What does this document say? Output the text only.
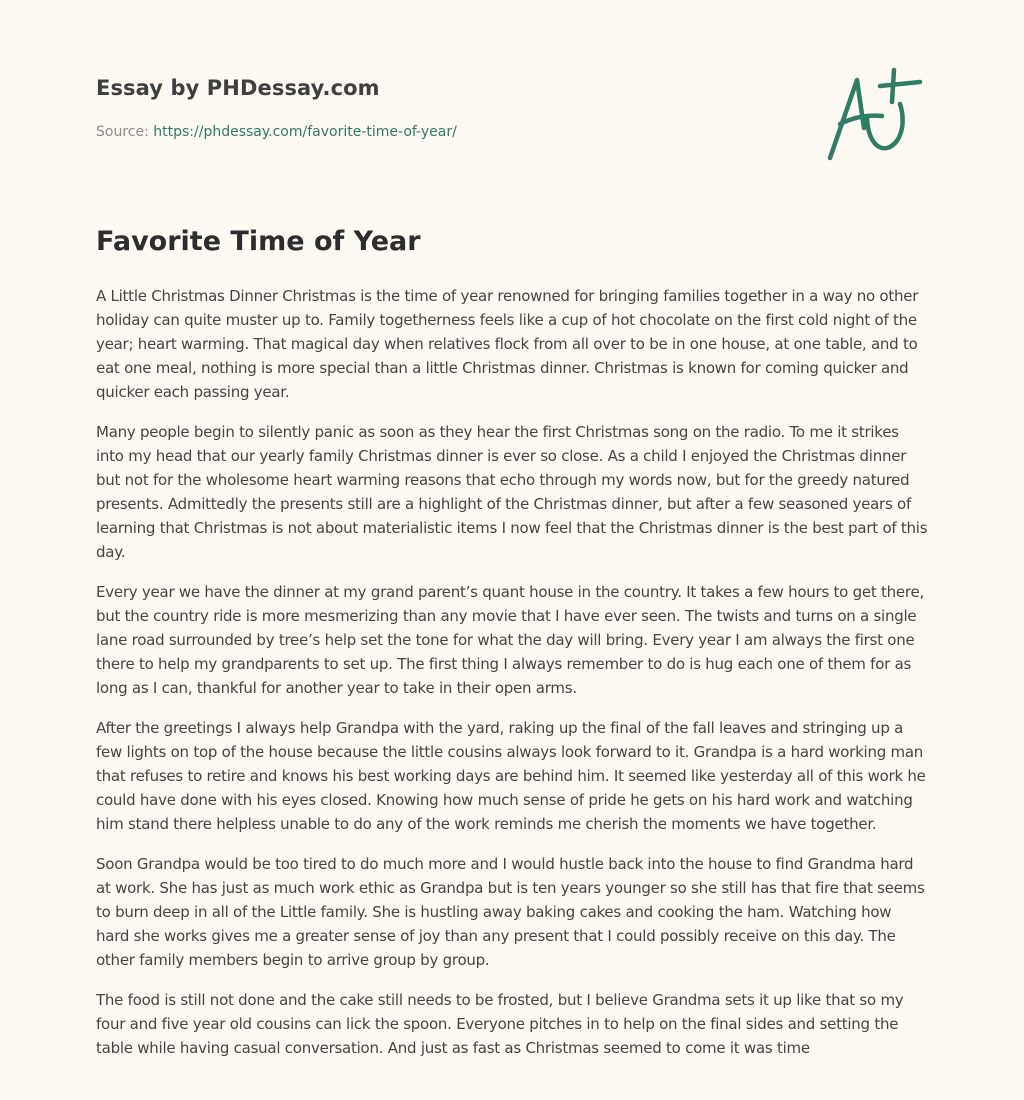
Essay by PHDessay.com
Source: https://phdessay.com/favorite-time-of-year/
Favorite Time of Year

A Little Christmas Dinner Christmas is the time of year renowned for bringing families together in a way no other holiday can quite muster up to. Family togetherness feels like a cup of hot chocolate on the first cold night of the year; heart warming. That magical day when relatives flock from all over to be in one house, at one table, and to eat one meal, nothing is more special than a little Christmas dinner. Christmas is known for coming quicker and quicker each passing year.

Many people begin to silently panic as soon as they hear the first Christmas song on the radio. To me it strikes into my head that our yearly family Christmas dinner is ever so close. As a child I enjoyed the Christmas dinner but not for the wholesome heart warming reasons that echo through my words now, but for the greedy natured presents. Admittedly the presents still are a highlight of the Christmas dinner, but after a few seasoned years of learning that Christmas is not about materialistic items I now feel that the Christmas dinner is the best part of this day.

Every year we have the dinner at my grand parent’s quant house in the country. It takes a few hours to get there, but the country ride is more mesmerizing than any movie that I have ever seen. The twists and turns on a single lane road surrounded by tree’s help set the tone for what the day will bring. Every year I am always the first one there to help my grandparents to set up. The first thing I always remember to do is hug each one of them for as long as I can, thankful for another year to take in their open arms.

After the greetings I always help Grandpa with the yard, raking up the final of the fall leaves and stringing up a few lights on top of the house because the little cousins always look forward to it. Grandpa is a hard working man that refuses to retire and knows his best working days are behind him. It seemed like yesterday all of this work he could have done with his eyes closed. Knowing how much sense of pride he gets on his hard work and watching him stand there helpless unable to do any of the work reminds me cherish the moments we have together.

Soon Grandpa would be too tired to do much more and I would hustle back into the house to find Grandma hard at work. She has just as much work ethic as Grandpa but is ten years younger so she still has that fire that seems to burn deep in all of the Little family. She is hustling away baking cakes and cooking the ham. Watching how hard she works gives me a greater sense of joy than any present that I could possibly receive on this day. The other family members begin to arrive group by group.

The food is still not done and the cake still needs to be frosted, but I believe Grandma sets it up like that so my four and five year old cousins can lick the spoon. Everyone pitches in to help on the final sides and setting the table while having casual conversation. And just as fast as Christmas seemed to come it was time
